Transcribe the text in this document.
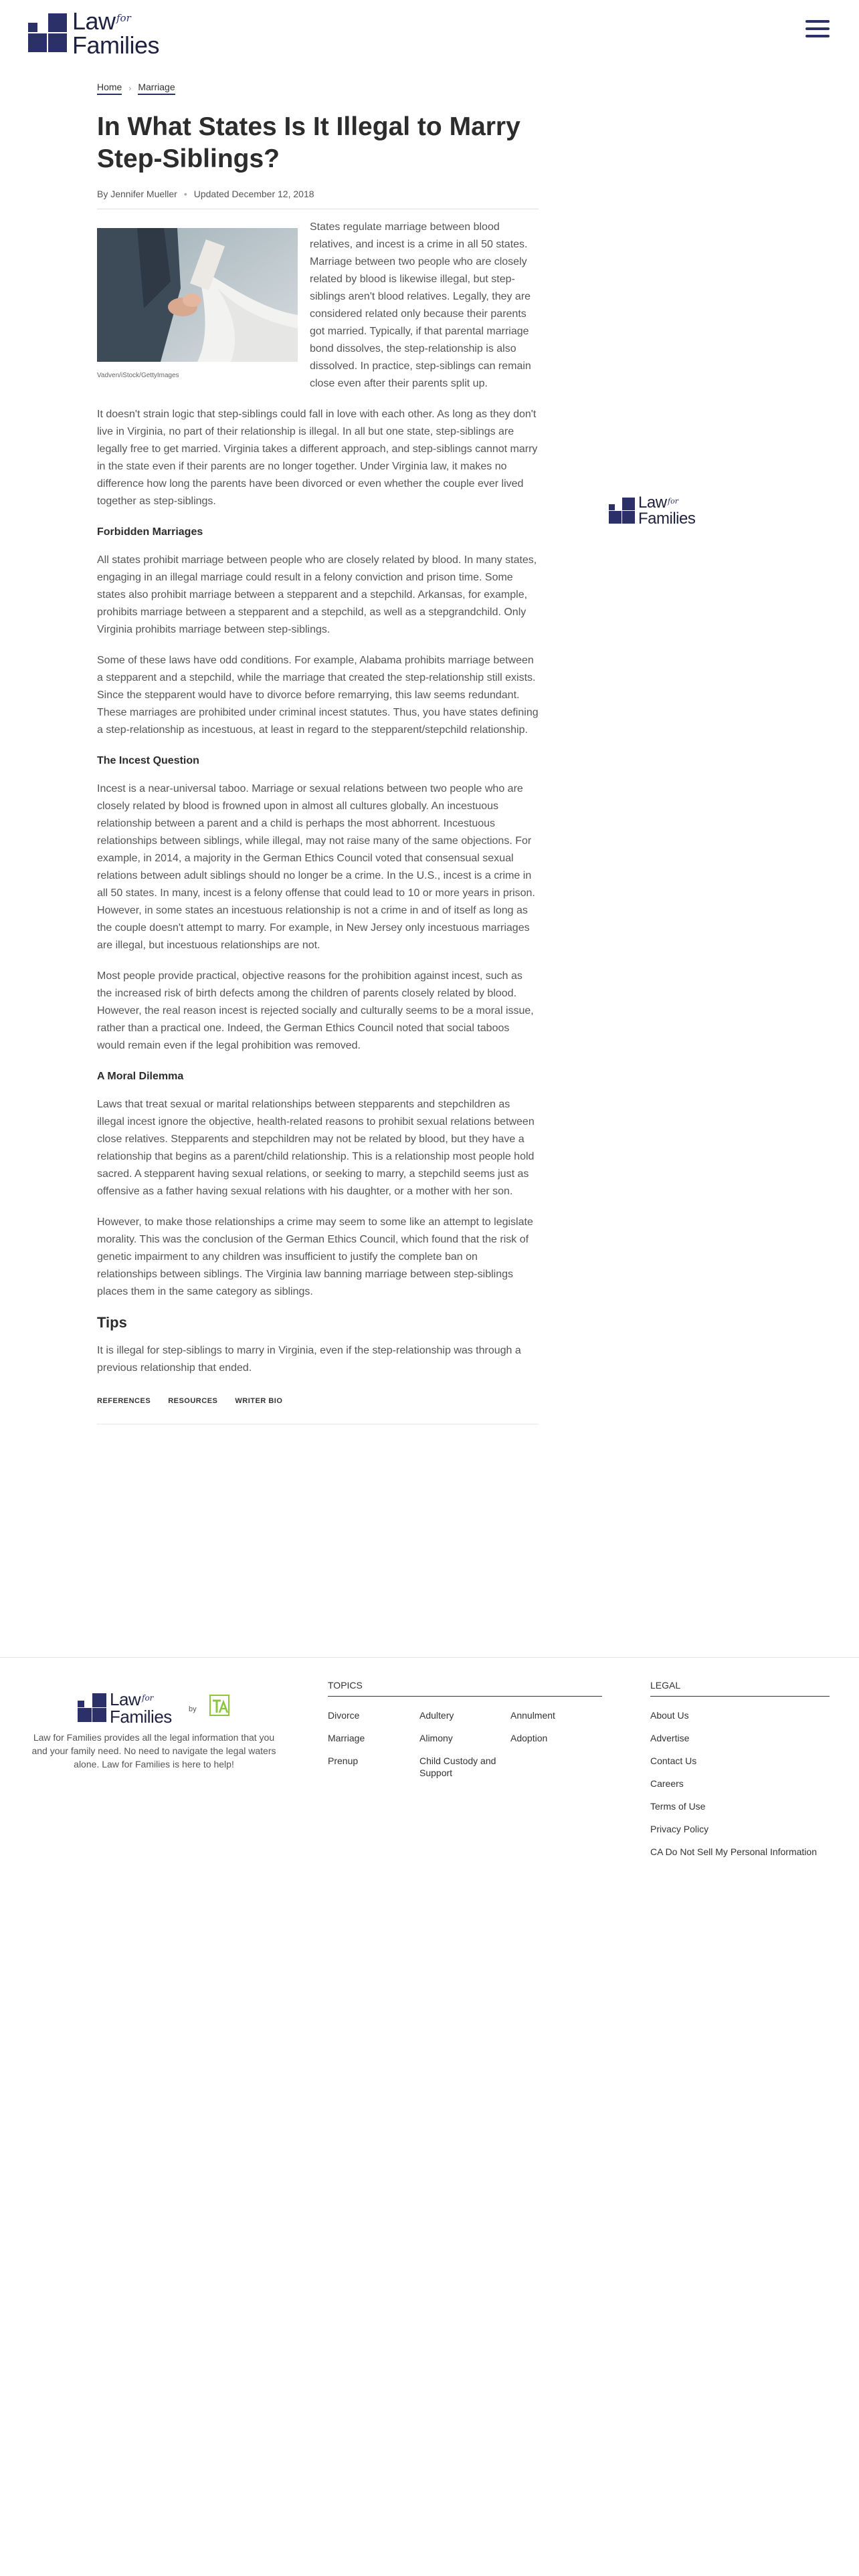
Law for
Families
Home › Marriage
In What States Is It Illegal to Marry Step-Siblings?
By Jennifer Mueller • Updated December 12, 2018
Vadven/iStock/GettyImages

States regulate marriage between blood relatives, and incest is a crime in all 50 states. Marriage between two people who are closely related by blood is likewise illegal, but step-siblings aren't blood relatives. Legally, they are considered related only because their parents got married. Typically, if that parental marriage bond dissolves, the step-relationship is also dissolved. In practice, step-siblings can remain close even after their parents split up.

It doesn't strain logic that step-siblings could fall in love with each other. As long as they don't live in Virginia, no part of their relationship is illegal. In all but one state, step-siblings are legally free to get married. Virginia takes a different approach, and step-siblings cannot marry in the state even if their parents are no longer together. Under Virginia law, it makes no difference how long the parents have been divorced or even whether the couple ever lived together as step-siblings.

Forbidden Marriages

All states prohibit marriage between people who are closely related by blood. In many states, engaging in an illegal marriage could result in a felony conviction and prison time. Some states also prohibit marriage between a stepparent and a stepchild. Arkansas, for example, prohibits marriage between a stepparent and a stepchild, as well as a stepgrandchild. Only Virginia prohibits marriage between step-siblings.

Some of these laws have odd conditions. For example, Alabama prohibits marriage between a stepparent and a stepchild, while the marriage that created the step-relationship still exists. Since the stepparent would have to divorce before remarrying, this law seems redundant. These marriages are prohibited under criminal incest statutes. Thus, you have states defining a step-relationship as incestuous, at least in regard to the stepparent/stepchild relationship.

The Incest Question

Incest is a near-universal taboo. Marriage or sexual relations between two people who are closely related by blood is frowned upon in almost all cultures globally. An incestuous relationship between a parent and a child is perhaps the most abhorrent. Incestuous relationships between siblings, while illegal, may not raise many of the same objections. For example, in 2014, a majority in the German Ethics Council voted that consensual sexual relations between adult siblings should no longer be a crime. In the U.S., incest is a crime in all 50 states. In many, incest is a felony offense that could lead to 10 or more years in prison. However, in some states an incestuous relationship is not a crime in and of itself as long as the couple doesn't attempt to marry. For example, in New Jersey only incestuous marriages are illegal, but incestuous relationships are not.

Most people provide practical, objective reasons for the prohibition against incest, such as the increased risk of birth defects among the children of parents closely related by blood. However, the real reason incest is rejected socially and culturally seems to be a moral issue, rather than a practical one. Indeed, the German Ethics Council noted that social taboos would remain even if the legal prohibition was removed.

A Moral Dilemma

Laws that treat sexual or marital relationships between stepparents and stepchildren as illegal incest ignore the objective, health-related reasons to prohibit sexual relations between close relatives. Stepparents and stepchildren may not be related by blood, but they have a relationship that begins as a parent/child relationship. This is a relationship most people hold sacred. A stepparent having sexual relations, or seeking to marry, a stepchild seems just as offensive as a father having sexual relations with his daughter, or a mother with her son.

However, to make those relationships a crime may seem to some like an attempt to legislate morality. This was the conclusion of the German Ethics Council, which found that the risk of genetic impairment to any children was insufficient to justify the complete ban on relationships between siblings. The Virginia law banning marriage between step-siblings places them in the same category as siblings.

Tips

It is illegal for step-siblings to marry in Virginia, even if the step-relationship was through a previous relationship that ended.

REFERENCES RESOURCES WRITER BIO
Law for
Families
Law for
Families by

Law for Families provides all the legal information that you and your family need. No need to navigate the legal waters alone. Law for Families is here to help!

TOPICS
Divorce	Adultery	Annulment
Marriage	Alimony	Adoption
Prenup	Child Custody and Support
LEGAL
About Us
Advertise
Contact Us
Careers
Terms of Use
Privacy Policy
CA Do Not Sell My Personal Information
